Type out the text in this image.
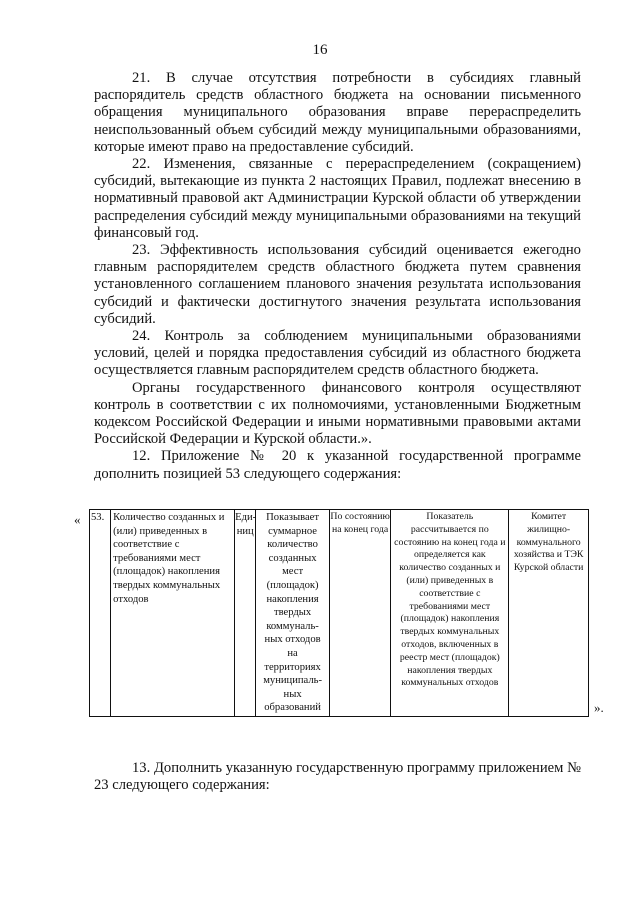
16

21. В случае отсутствия потребности в субсидиях главный распорядитель средств областного бюджета на основании письменного обращения муниципального образования вправе перераспределить неиспользованный объем субсидий между муниципальными образованиями, которые имеют право на предоставление субсидий.

22. Изменения, связанные с перераспределением (сокращением) субсидий, вытекающие из пункта 2 настоящих Правил, подлежат внесению в нормативный правовой акт Администрации Курской области об утверждении распределения субсидий между муниципальными образованиями на текущий финансовый год.

23. Эффективность использования субсидий оценивается ежегодно главным распорядителем средств областного бюджета путем сравнения установленного соглашением планового значения результата использования субсидий и фактически достигнутого значения результата использования субсидий.

24. Контроль за соблюдением муниципальными образованиями условий, целей и порядка предоставления субсидий из областного бюджета осуществляется главным распорядителем средств областного бюджета.

Органы государственного финансового контроля осуществляют контроль в соответствии с их полномочиями, установленными Бюджетным кодексом Российской Федерации и иными нормативными правовыми актами Российской Федерации и Курской области.».

12. Приложение № 20 к указанной государственной программе дополнить позицией 53 следующего содержания:

« 53.	Количество созданных и (или) приведенных в соответствие с требованиями мест (площадок) накопления твердых коммунальных отходов	Еди-ниц	Показывает суммарное количество созданных мест (площадок) накопления твердых коммуналь-ных отходов на территориях муниципаль-ных образований	По состоянию на конец года	Показатель рассчитывается по состоянию на конец года и определяется как количество созданных и (или) приведенных в соответствие с требованиями мест (площадок) накопления твердых коммунальных отходов, включенных в реестр мест (площадок) накопления твердых коммунальных отходов	Комитет жилищно-коммунального хозяйства и ТЭК Курской области
».

13. Дополнить указанную государственную программу приложением № 23 следующего содержания:
